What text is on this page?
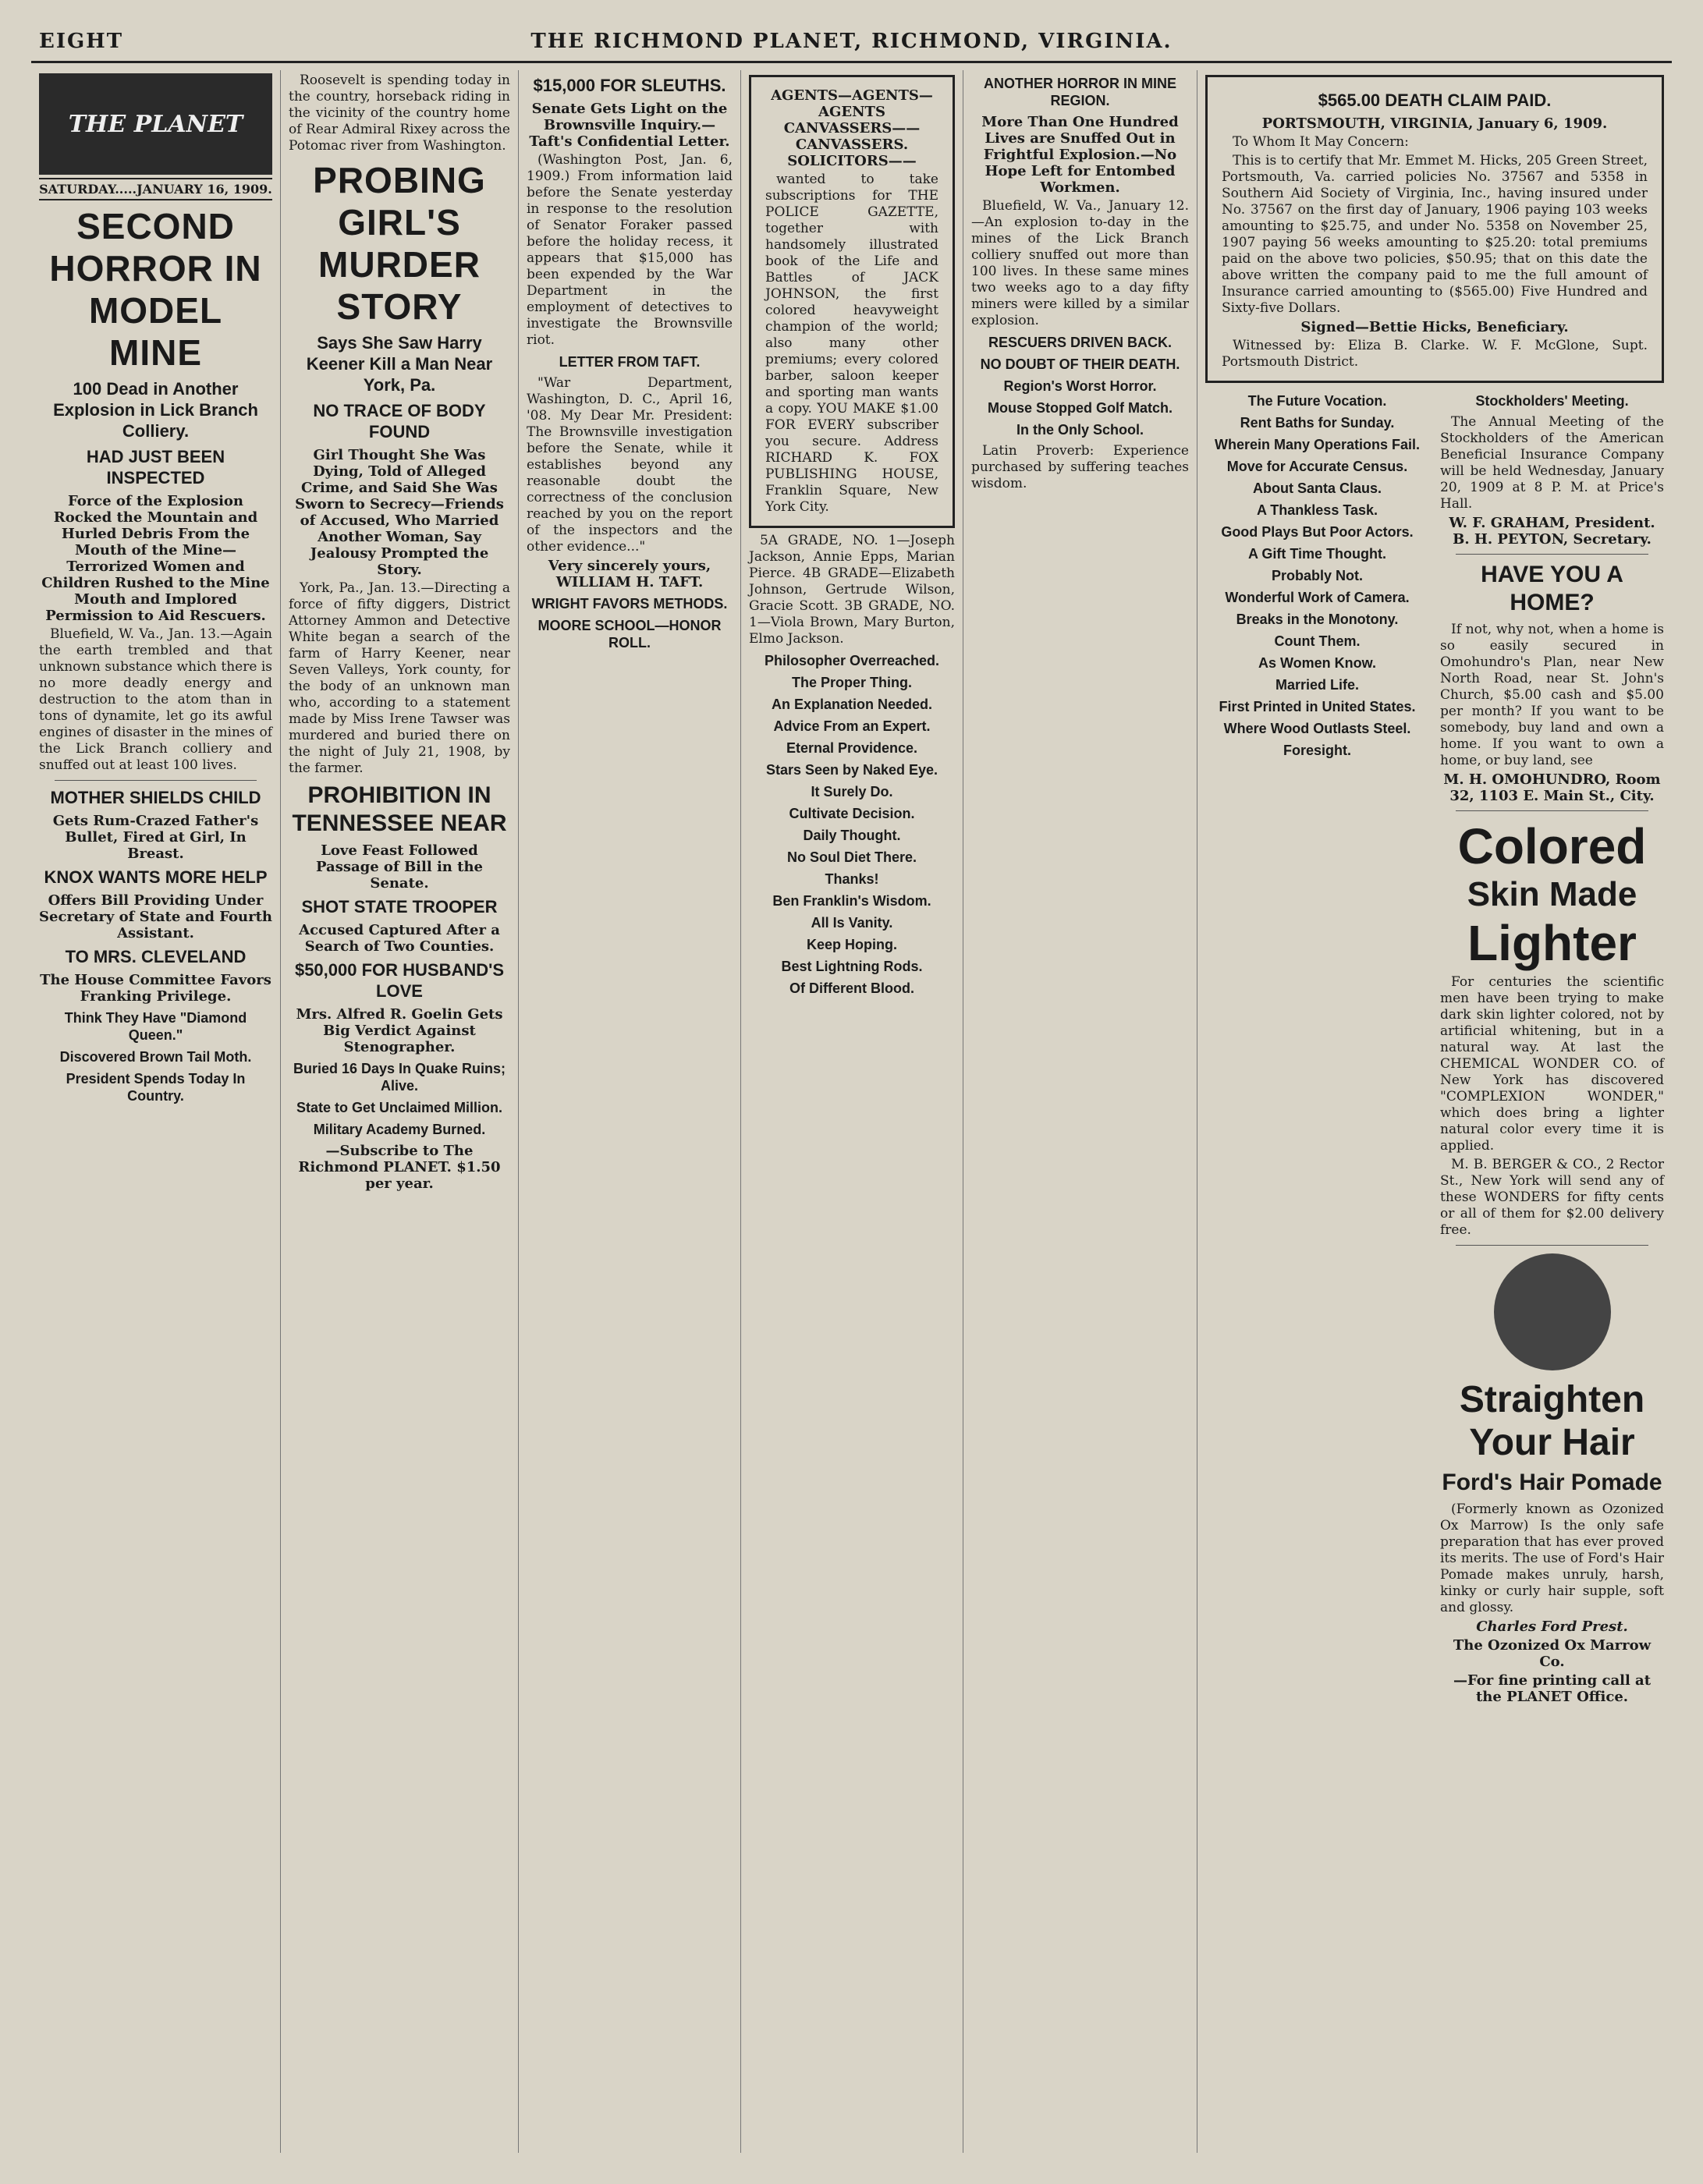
EIGHT	THE RICHMOND PLANET, RICHMOND, VIRGINIA.
THE PLANET
SATURDAY.....JANUARY 16, 1909.
SECOND HORROR IN MODEL MINE
100 Dead in Another Explosion in Lick Branch Colliery.
HAD JUST BEEN INSPECTED

Force of the Explosion Rocked the Mountain and Hurled Debris From the Mouth of the Mine—Terrorized Women and Children Rushed to the Mine Mouth and Implored Permission to Aid Rescuers.

Bluefield, W. Va., Jan. 13.—Again the earth trembled and that unknown substance which there is no more deadly energy and destruction to the atom than in tons of dynamite, let go its awful engines of disaster in the mines of the Lick Branch colliery and snuffed out at least 100 lives.

MOTHER SHIELDS CHILD

Gets Rum-Crazed Father's Bullet, Fired at Girl, In Breast.

KNOX WANTS MORE HELP

Offers Bill Providing Under Secretary of State and Fourth Assistant.

TO MRS. CLEVELAND

The House Committee Favors Franking Privilege.

Think They Have "Diamond Queen."
Discovered Brown Tail Moth.
President Spends Today In Country.

Roosevelt is spending today in the country, horseback riding in the vicinity of the country home of Rear Admiral Rixey across the Potomac river from Washington.

PROBING GIRL'S MURDER STORY
Says She Saw Harry Keener Kill a Man Near York, Pa.
NO TRACE OF BODY FOUND

Girl Thought She Was Dying, Told of Alleged Crime, and Said She Was Sworn to Secrecy—Friends of Accused, Who Married Another Woman, Say Jealousy Prompted the Story.

York, Pa., Jan. 13.—Directing a force of fifty diggers, District Attorney Ammon and Detective White began a search of the farm of Harry Keener, near Seven Valleys, York county, for the body of an unknown man who, according to a statement made by Miss Irene Tawser was murdered and buried there on the night of July 21, 1908, by the farmer.

PROHIBITION IN TENNESSEE NEAR

Love Feast Followed Passage of Bill in the Senate.

SHOT STATE TROOPER

Accused Captured After a Search of Two Counties.

$50,000 FOR HUSBAND'S LOVE

Mrs. Alfred R. Goelin Gets Big Verdict Against Stenographer.

Buried 16 Days In Quake Ruins; Alive.
State to Get Unclaimed Million.
Military Academy Burned.

—Subscribe to The Richmond PLANET. $1.50 per year.

$15,000 FOR SLEUTHS.

Senate Gets Light on the Brownsville Inquiry.—Taft's Confidential Letter.

(Washington Post, Jan. 6, 1909.) From information laid before the Senate yesterday in response to the resolution of Senator Foraker passed before the holiday recess, it appears that $15,000 has been expended by the War Department in the employment of detectives to investigate the Brownsville riot.

LETTER FROM TAFT.

"War Department, Washington, D. C., April 16, '08. My Dear Mr. President: The Brownsville investigation before the Senate, while it establishes beyond any reasonable doubt the correctness of the conclusion reached by you on the report of the inspectors and the other evidence..."

Very sincerely yours, WILLIAM H. TAFT.

WRIGHT FAVORS METHODS.
MOORE SCHOOL—HONOR ROLL.

AGENTS—AGENTS—AGENTS CANVASSERS——CANVASSERS. SOLICITORS——

wanted to take subscriptions for THE POLICE GAZETTE, together with handsomely illustrated book of the Life and Battles of JACK JOHNSON, the first colored heavyweight champion of the world; also many other premiums; every colored barber, saloon keeper and sporting man wants a copy. YOU MAKE $1.00 FOR EVERY subscriber you secure. Address RICHARD K. FOX PUBLISHING HOUSE, Franklin Square, New York City.

5A GRADE, NO. 1—Joseph Jackson, Annie Epps, Marian Pierce. 4B GRADE—Elizabeth Johnson, Gertrude Wilson, Gracie Scott. 3B GRADE, NO. 1—Viola Brown, Mary Burton, Elmo Jackson.

Philosopher Overreached.
The Proper Thing.
An Explanation Needed.
Advice From an Expert.
Eternal Providence.
Stars Seen by Naked Eye.
It Surely Do.
Cultivate Decision.
Daily Thought.
No Soul Diet There.
Thanks!
Ben Franklin's Wisdom.
All Is Vanity.
Keep Hoping.
Best Lightning Rods.
Of Different Blood.
ANOTHER HORROR IN MINE REGION.

More Than One Hundred Lives are Snuffed Out in Frightful Explosion.—No Hope Left for Entombed Workmen.

Bluefield, W. Va., January 12.—An explosion to-day in the mines of the Lick Branch colliery snuffed out more than 100 lives. In these same mines two weeks ago to a day fifty miners were killed by a similar explosion.

RESCUERS DRIVEN BACK.
NO DOUBT OF THEIR DEATH.
Region's Worst Horror.
Mouse Stopped Golf Match.
In the Only School.

Latin Proverb: Experience purchased by suffering teaches wisdom.

$565.00 DEATH CLAIM PAID.

PORTSMOUTH, VIRGINIA, January 6, 1909.

To Whom It May Concern:

This is to certify that Mr. Emmet M. Hicks, 205 Green Street, Portsmouth, Va. carried policies No. 37567 and 5358 in Southern Aid Society of Virginia, Inc., having insured under No. 37567 on the first day of January, 1906 paying 103 weeks amounting to $25.75, and under No. 5358 on November 25, 1907 paying 56 weeks amounting to $25.20: total premiums paid on the above two policies, $50.95; that on this date the above written the company paid to me the full amount of Insurance carried amounting to ($565.00) Five Hundred and Sixty-five Dollars.

Signed—Bettie Hicks, Beneficiary.

Witnessed by: Eliza B. Clarke. W. F. McGlone, Supt. Portsmouth District.

The Future Vocation.
Rent Baths for Sunday.
Wherein Many Operations Fail.
Move for Accurate Census.
About Santa Claus.
A Thankless Task.
Good Plays But Poor Actors.
A Gift Time Thought.
Probably Not.
Wonderful Work of Camera.
Breaks in the Monotony.
Count Them.
As Women Know.
Married Life.
First Printed in United States.
Where Wood Outlasts Steel.
Foresight.
Stockholders' Meeting.

The Annual Meeting of the Stockholders of the American Beneficial Insurance Company will be held Wednesday, January 20, 1909 at 8 P. M. at Price's Hall.

W. F. GRAHAM, President. B. H. PEYTON, Secretary.

HAVE YOU A HOME?

If not, why not, when a home is so easily secured in Omohundro's Plan, near New North Road, near St. John's Church, $5.00 cash and $5.00 per month? If you want to be somebody, buy land and own a home. If you want to own a home, or buy land, see

M. H. OMOHUNDRO, Room 32, 1103 E. Main St., City.

Colored
Skin Made
Lighter

For centuries the scientific men have been trying to make dark skin lighter colored, not by artificial whitening, but in a natural way. At last the CHEMICAL WONDER CO. of New York has discovered "COMPLEXION WONDER," which does bring a lighter natural color every time it is applied.

M. B. BERGER & CO., 2 Rector St., New York will send any of these WONDERS for fifty cents or all of them for $2.00 delivery free.

Straighten
Your Hair
Ford's Hair Pomade

(Formerly known as Ozonized Ox Marrow) Is the only safe preparation that has ever proved its merits. The use of Ford's Hair Pomade makes unruly, harsh, kinky or curly hair supple, soft and glossy.

Charles Ford Prest.

The Ozonized Ox Marrow Co.

—For fine printing call at the PLANET Office.
